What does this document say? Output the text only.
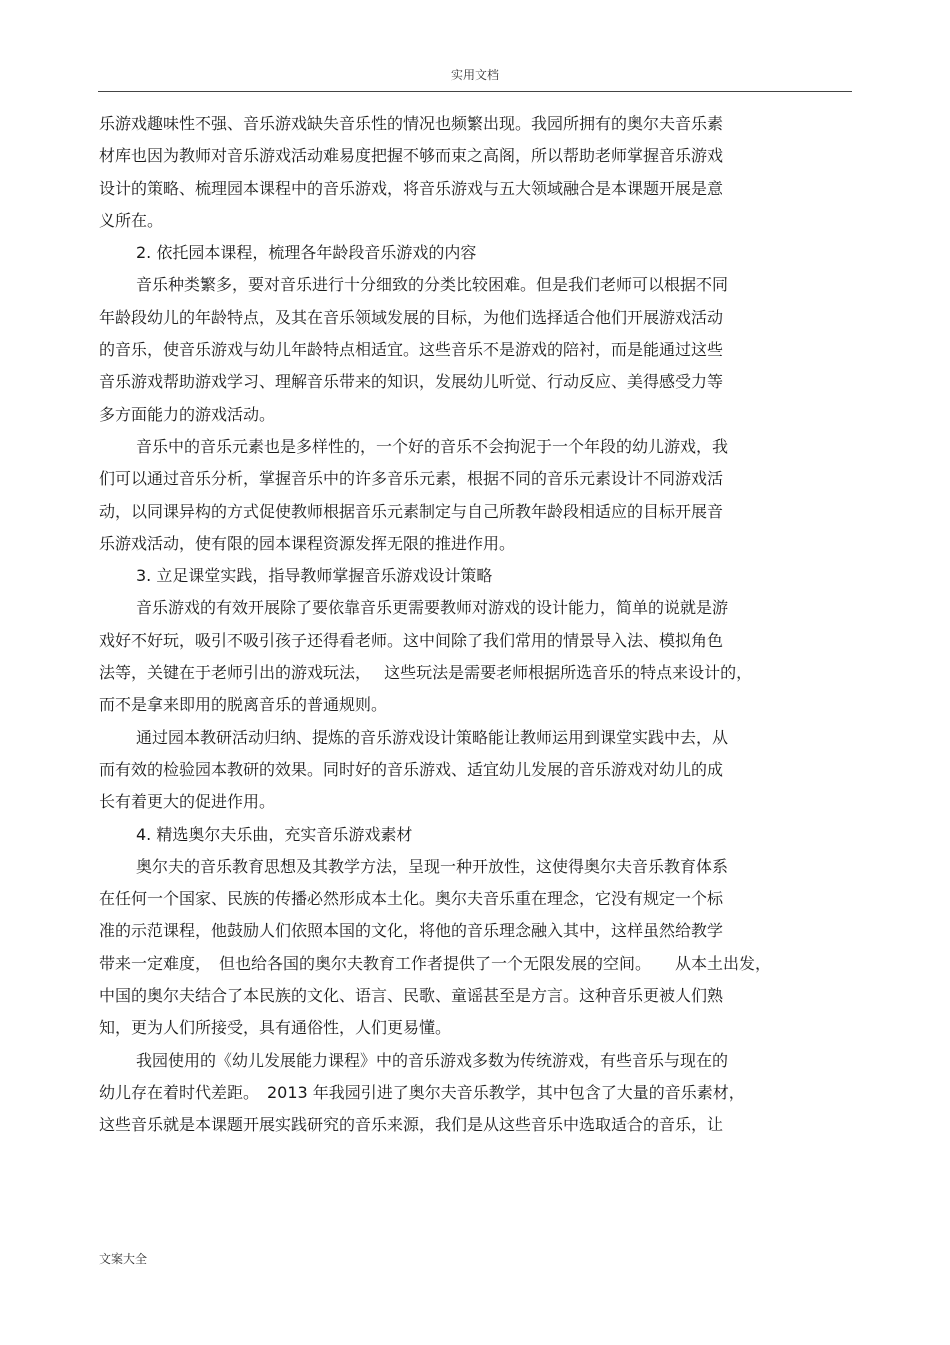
实用文档
乐游戏趣味性不强、音乐游戏缺失音乐性的情况也频繁出现。我园所拥有的奥尔夫音乐素
材库也因为教师对音乐游戏活动难易度把握不够而束之高阁，所以帮助老师掌握音乐游戏
设计的策略、梳理园本课程中的音乐游戏，将音乐游戏与五大领域融合是本课题开展是意
义所在。
2. 依托园本课程，梳理各年龄段音乐游戏的内容
音乐种类繁多，要对音乐进行十分细致的分类比较困难。但是我们老师可以根据不同
年龄段幼儿的年龄特点，及其在音乐领域发展的目标，为他们选择适合他们开展游戏活动
的音乐，使音乐游戏与幼儿年龄特点相适宜。这些音乐不是游戏的陪衬，而是能通过这些
音乐游戏帮助游戏学习、理解音乐带来的知识，发展幼儿听觉、行动反应、美得感受力等
多方面能力的游戏活动。
音乐中的音乐元素也是多样性的，一个好的音乐不会拘泥于一个年段的幼儿游戏，我
们可以通过音乐分析，掌握音乐中的许多音乐元素，根据不同的音乐元素设计不同游戏活
动，以同课异构的方式促使教师根据音乐元素制定与自己所教年龄段相适应的目标开展音
乐游戏活动，使有限的园本课程资源发挥无限的推进作用。
3. 立足课堂实践，指导教师掌握音乐游戏设计策略
音乐游戏的有效开展除了要依靠音乐更需要教师对游戏的设计能力，简单的说就是游
戏好不好玩，吸引不吸引孩子还得看老师。这中间除了我们常用的情景导入法、模拟角色
法等，关键在于老师引出的游戏玩法，　 这些玩法是需要老师根据所选音乐的特点来设计的，
而不是拿来即用的脱离音乐的普通规则。
通过园本教研活动归纳、提炼的音乐游戏设计策略能让教师运用到课堂实践中去，从
而有效的检验园本教研的效果。同时好的音乐游戏、适宜幼儿发展的音乐游戏对幼儿的成
长有着更大的促进作用。
4. 精选奥尔夫乐曲，充实音乐游戏素材
奥尔夫的音乐教育思想及其教学方法，呈现一种开放性，这使得奥尔夫音乐教育体系
在任何一个国家、民族的传播必然形成本土化。奥尔夫音乐重在理念，它没有规定一个标
准的示范课程，他鼓励人们依照本国的文化，将他的音乐理念融入其中，这样虽然给教学
带来一定难度，　但也给各国的奥尔夫教育工作者提供了一个无限发展的空间。　　从本土出发，
中国的奥尔夫结合了本民族的文化、语言、民歌、童谣甚至是方言。这种音乐更被人们熟
知，更为人们所接受，具有通俗性，人们更易懂。
我园使用的《幼儿发展能力课程》中的音乐游戏多数为传统游戏，有些音乐与现在的
幼儿存在着时代差距。　2013 年我园引进了奥尔夫音乐教学，其中包含了大量的音乐素材，
这些音乐就是本课题开展实践研究的音乐来源，我们是从这些音乐中选取适合的音乐，让
文案大全
